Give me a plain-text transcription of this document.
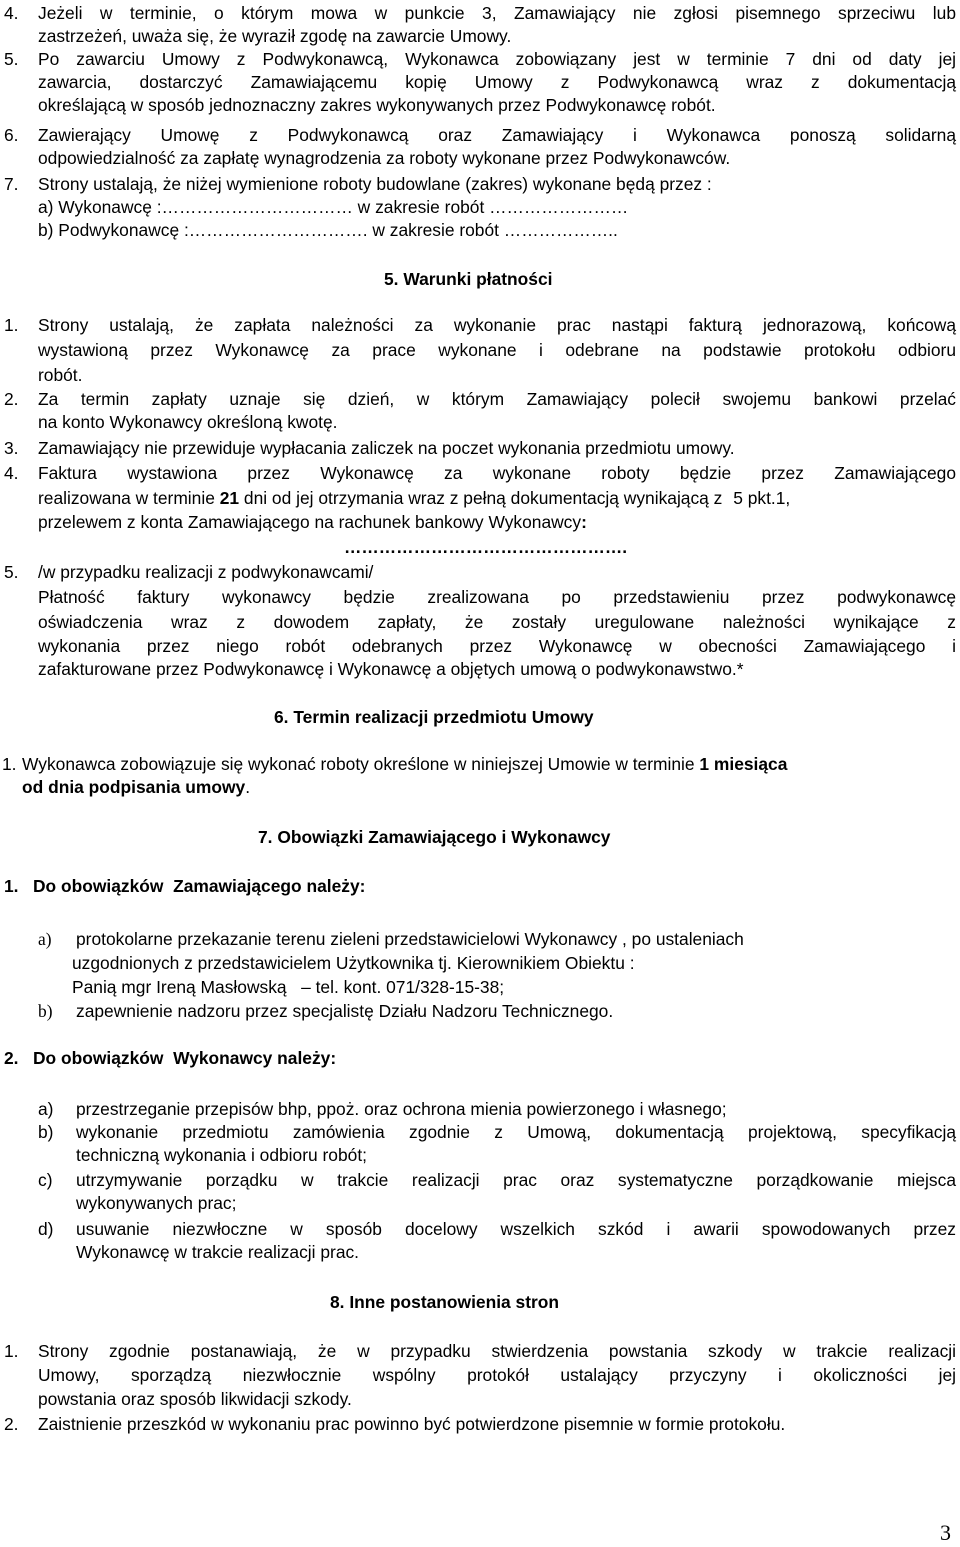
4. Jeżeli w terminie, o którym mowa w punkcie 3, Zamawiający nie zgłosi pisemnego sprzeciwu lub
zastrzeżeń, uważa się, że wyraził zgodę na zawarcie Umowy.
5. Po zawarciu Umowy z Podwykonawcą, Wykonawca zobowiązany jest w terminie 7 dni od daty jej
zawarcia, dostarczyć Zamawiającemu kopię Umowy z Podwykonawcą wraz z dokumentacją
określającą w sposób jednoznaczny zakres wykonywanych przez Podwykonawcę robót.
6. Zawierający Umowę z Podwykonawcą oraz Zamawiający i Wykonawca ponoszą solidarną
odpowiedzialność za zapłatę wynagrodzenia za roboty wykonane przez Podwykonawców.
7. Strony ustalają, że niżej wymienione roboty budowlane (zakres) wykonane będą przez :
a) Wykonawcę :…………………………… w zakresie robót ……………………
b) Podwykonawcę :…………………………. w zakresie robót ………………..
5. Warunki płatności
1. Strony ustalają, że zapłata należności za wykonanie prac nastąpi fakturą jednorazową, końcową
wystawioną przez Wykonawcę za prace wykonane i odebrane na podstawie protokołu odbioru
robót.
2. Za termin zapłaty uznaje się dzień, w którym Zamawiający polecił swojemu bankowi przelać
na konto Wykonawcy określoną kwotę.
3. Zamawiający nie przewiduje wypłacania zaliczek na poczet wykonania przedmiotu umowy.
4. Faktura wystawiona przez Wykonawcę za wykonane roboty będzie przez Zamawiającego
realizowana w terminie 21 dni od jej otrzymania wraz z pełną dokumentacją wynikającą z 5 pkt.1,
przelewem z konta Zamawiającego na rachunek bankowy Wykonawcy:
………………………………………….
5. /w przypadku realizacji z podwykonawcami/
Płatność faktury wykonawcy będzie zrealizowana po przedstawieniu przez podwykonawcę
oświadczenia wraz z dowodem zapłaty, że zostały uregulowane należności wynikające z
wykonania przez niego robót odebranych przez Wykonawcę w obecności Zamawiającego i
zafakturowane przez Podwykonawcę i Wykonawcę a objętych umową o podwykonawstwo.*
6. Termin realizacji przedmiotu Umowy
1. Wykonawca zobowiązuje się wykonać roboty określone w niniejszej Umowie w terminie 1 miesiąca
od dnia podpisania umowy.
7. Obowiązki Zamawiającego i Wykonawcy
1.   Do obowiązków  Zamawiającego należy:
a) protokolarne przekazanie terenu zieleni przedstawicielowi Wykonawcy , po ustaleniach
uzgodnionych z przedstawicielem Użytkownika tj. Kierownikiem Obiektu :
Panią mgr Ireną Masłowską   – tel. kont. 071/328-15-38;
b) zapewnienie nadzoru przez specjalistę Działu Nadzoru Technicznego.
2.   Do obowiązków  Wykonawcy należy:
a) przestrzeganie przepisów bhp, ppoż. oraz ochrona mienia powierzonego i własnego;
b) wykonanie przedmiotu zamówienia zgodnie z Umową, dokumentacją projektową, specyfikacją
techniczną wykonania i odbioru robót;
c) utrzymywanie porządku w trakcie realizacji prac oraz systematyczne porządkowanie miejsca
wykonywanych prac;
d) usuwanie niezwłoczne w sposób docelowy wszelkich szkód i awarii spowodowanych przez
Wykonawcę w trakcie realizacji prac.
8. Inne postanowienia stron
1. Strony zgodnie postanawiają, że w przypadku stwierdzenia powstania szkody w trakcie realizacji
Umowy, sporządzą niezwłocznie wspólny protokół ustalający przyczyny i okoliczności jej
powstania oraz sposób likwidacji szkody.
2. Zaistnienie przeszkód w wykonaniu prac powinno być potwierdzone pisemnie w formie protokołu.
3
